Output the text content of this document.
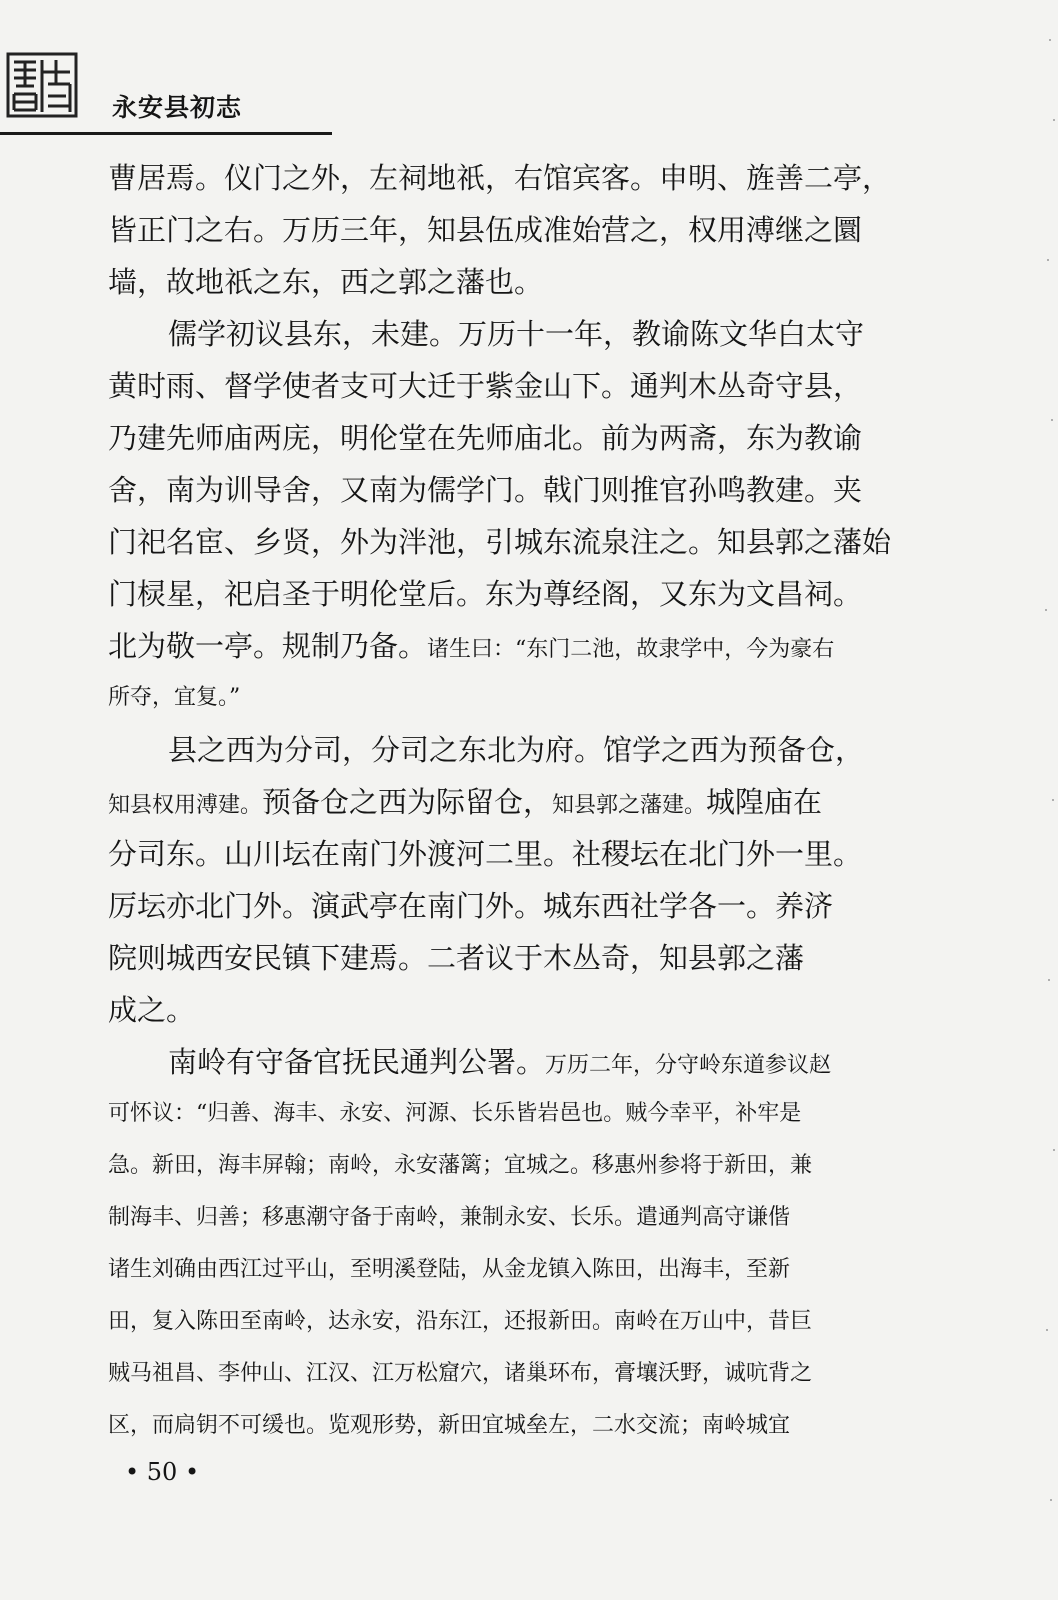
永安县初志
曹居焉。仪门之外，左祠地祇，右馆宾客。申明、旌善二亭，
皆正门之右。万历三年，知县伍成准始营之，权用溥继之圜
墙，故地祇之东，西之郭之藩也。
儒学初议县东，未建。万历十一年，教谕陈文华白太守
黄时雨、督学使者支可大迁于紫金山下。通判木丛奇守县，
乃建先师庙两庑，明伦堂在先师庙北。前为两斋，东为教谕
舍，南为训导舍，又南为儒学门。戟门则推官孙鸣教建。夹
门祀名宦、乡贤，外为泮池，引城东流泉注之。知县郭之藩始
门棂星，祀启圣于明伦堂后。东为尊经阁，又东为文昌祠。
北为敬一亭。规制乃备。诸生曰：“东门二池，故隶学中，今为豪右
所夺，宜复。”
县之西为分司，分司之东北为府。馆学之西为预备仓，
知县权用溥建。预备仓之西为际留仓，知县郭之藩建。城隍庙在
分司东。山川坛在南门外渡河二里。社稷坛在北门外一里。
厉坛亦北门外。演武亭在南门外。城东西社学各一。养济
院则城西安民镇下建焉。二者议于木丛奇，知县郭之藩
成之。
南岭有守备官抚民通判公署。万历二年，分守岭东道参议赵
可怀议：“归善、海丰、永安、河源、长乐皆岩邑也。贼今幸平，补牢是
急。新田，海丰屏翰；南岭，永安藩篱；宜城之。移惠州参将于新田，兼
制海丰、归善；移惠潮守备于南岭，兼制永安、长乐。遣通判高守谦偕
诸生刘确由西江过平山，至明溪登陆，从金龙镇入陈田，出海丰，至新
田，复入陈田至南岭，达永安，沿东江，还报新田。南岭在万山中，昔巨
贼马祖昌、李仲山、江汉、江万松窟穴，诸巢环布，膏壤沃野，诚吭背之
区，而扃钥不可缓也。览观形势，新田宜城垒左，二水交流；南岭城宜
• 50 •
